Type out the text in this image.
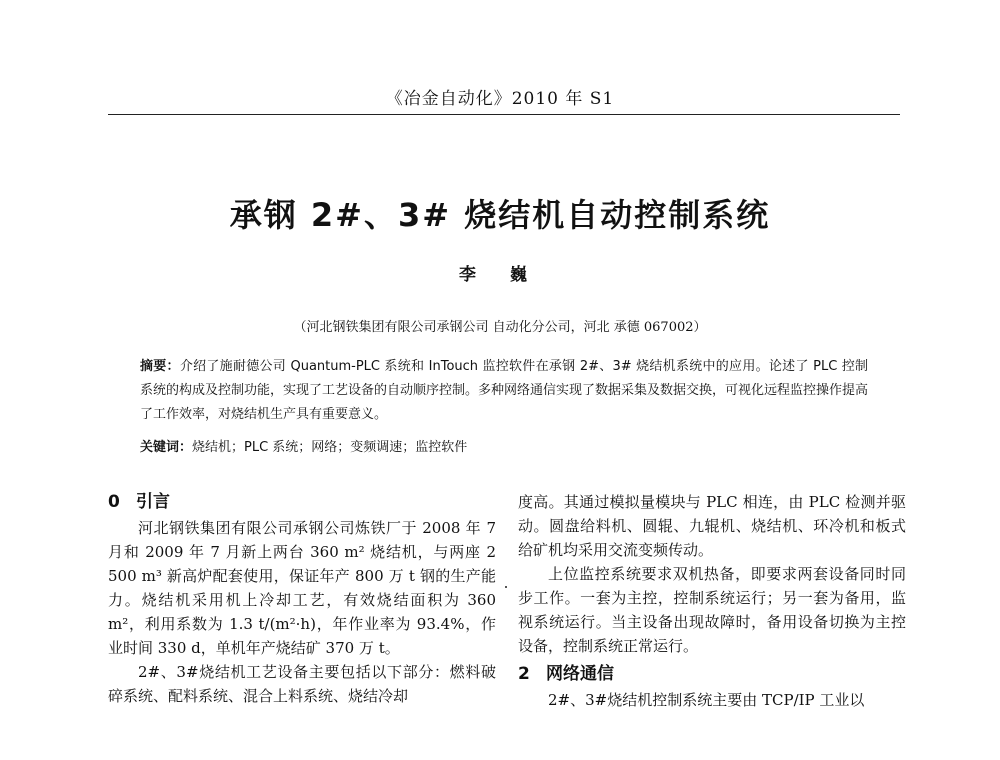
《冶金自动化》2010 年 S1
承钢 2#、3# 烧结机自动控制系统
李 巍
（河北钢铁集团有限公司承钢公司 自动化分公司，河北 承德 067002）
摘要：介绍了施耐德公司 Quantum-PLC 系统和 InTouch 监控软件在承钢 2#、3# 烧结机系统中的应用。论述了 PLC 控制系统的构成及控制功能，实现了工艺设备的自动顺序控制。多种网络通信实现了数据采集及数据交换，可视化远程监控操作提高了工作效率，对烧结机生产具有重要意义。
关键词：烧结机；PLC 系统；网络；变频调速；监控软件
0 引言

河北钢铁集团有限公司承钢公司炼铁厂于 2008 年 7 月和 2009 年 7 月新上两台 360 m² 烧结机，与两座 2 500 m³ 新高炉配套使用，保证年产 800 万 t 钢的生产能力。烧结机采用机上冷却工艺，有效烧结面积为 360 m²，利用系数为 1.3 t/(m²·h)，年作业率为 93.4%，作业时间 330 d，单机年产烧结矿 370 万 t。

2#、3#烧结机工艺设备主要包括以下部分：燃料破碎系统、配料系统、混合上料系统、烧结冷却

度高。其通过模拟量模块与 PLC 相连，由 PLC 检测并驱动。圆盘给料机、圆辊、九辊机、烧结机、环冷机和板式给矿机均采用交流变频传动。

上位监控系统要求双机热备，即要求两套设备同时同步工作。一套为主控，控制系统运行；另一套为备用，监视系统运行。当主设备出现故障时，备用设备切换为主控设备，控制系统正常运行。

2 网络通信

2#、3#烧结机控制系统主要由 TCP/IP 工业以
